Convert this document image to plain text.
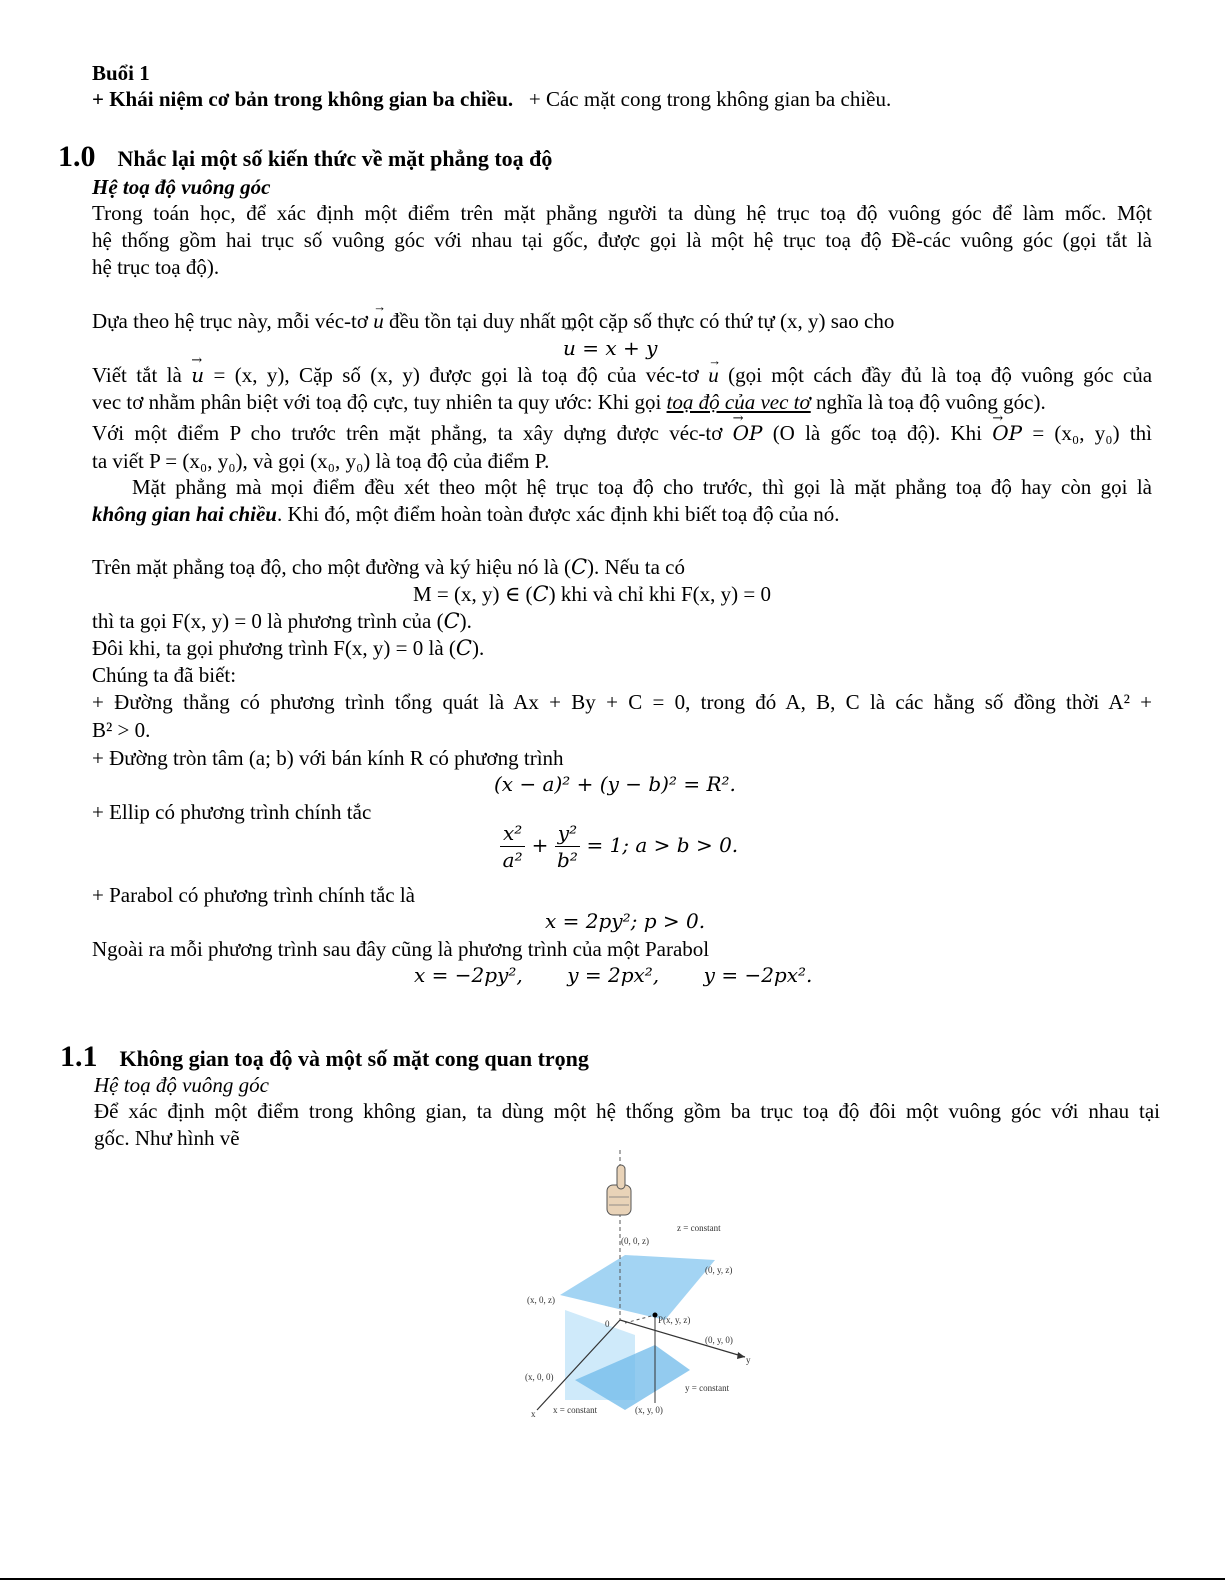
Buổi 1
+ Khái niệm cơ bản trong không gian ba chiều. + Các mặt cong trong không gian ba chiều.
1.0 Nhắc lại một số kiến thức về mặt phẳng toạ độ
Hệ toạ độ vuông góc
Trong toán học, để xác định một điểm trên mặt phẳng người ta dùng hệ trục toạ độ vuông góc để làm mốc. Một
hệ thống gồm hai trục số vuông góc với nhau tại gốc, được gọi là một hệ trục toạ độ Đề-các vuông góc (gọi tắt là
hệ trục toạ độ).
Dựa theo hệ trục này, mỗi véc-tơ → u đều tồn tại duy nhất một cặp số thực có thứ tự (x, y) sao cho
→ u = x + y
Viết tắt là → u = (x, y), Cặp số (x, y) được gọi là toạ độ của véc-tơ → u (gọi một cách đầy đủ là toạ độ vuông góc của
vec tơ nhằm phân biệt với toạ độ cực, tuy nhiên ta quy ước: Khi gọi toạ độ của vec tơ nghĩa là toạ độ vuông góc).
Với một điểm P cho trước trên mặt phẳng, ta xây dựng được véc-tơ → OP (O là gốc toạ độ). Khi → OP = (x₀, y₀) thì
ta viết P = (x₀, y₀), và gọi (x₀, y₀) là toạ độ của điểm P.
Mặt phẳng mà mọi điểm đều xét theo một hệ trục toạ độ cho trước, thì gọi là mặt phẳng toạ độ hay còn gọi là
không gian hai chiều. Khi đó, một điểm hoàn toàn được xác định khi biết toạ độ của nó.
Trên mặt phẳng toạ độ, cho một đường và ký hiệu nó là (𝐶). Nếu ta có
M = (x, y) ∈ (𝐶) khi và chỉ khi F(x, y) = 0
thì ta gọi F(x, y) = 0 là phương trình của (𝐶).
Đôi khi, ta gọi phương trình F(x, y) = 0 là (𝐶).
Chúng ta đã biết:
+ Đường thẳng có phương trình tổng quát là Ax + By + C = 0, trong đó A, B, C là các hằng số đồng thời A² +
B² > 0.
+ Đường tròn tâm (a; b) với bán kính R có phương trình
(x − a)² + (y − b)² = R².
+ Ellip có phương trình chính tắc
$\frac{\text{x²}}{\text{a²}} + \frac{\text{y²}}{\text{b²}} = 1$; a > b > 0.
+ Parabol có phương trình chính tắc là
x = 2py²; p > 0.
Ngoài ra mỗi phương trình sau đây cũng là phương trình của một Parabol
x = −2py²,       y = 2px²,       y = −2px².
1.1 Không gian toạ độ và một số mặt cong quan trọng
Hệ toạ độ vuông góc
Để xác định một điểm trong không gian, ta dùng một hệ thống gồm ba trục toạ độ đôi một vuông góc với nhau tại
gốc. Như hình vẽ
z = constant
(0, 0, z)
(0, y, z)
(x, 0, z)
0	P(x, y, z)
(0, y, 0)
y
(x, 0, 0)
y = constant
x x = constant	(x, y, 0)
